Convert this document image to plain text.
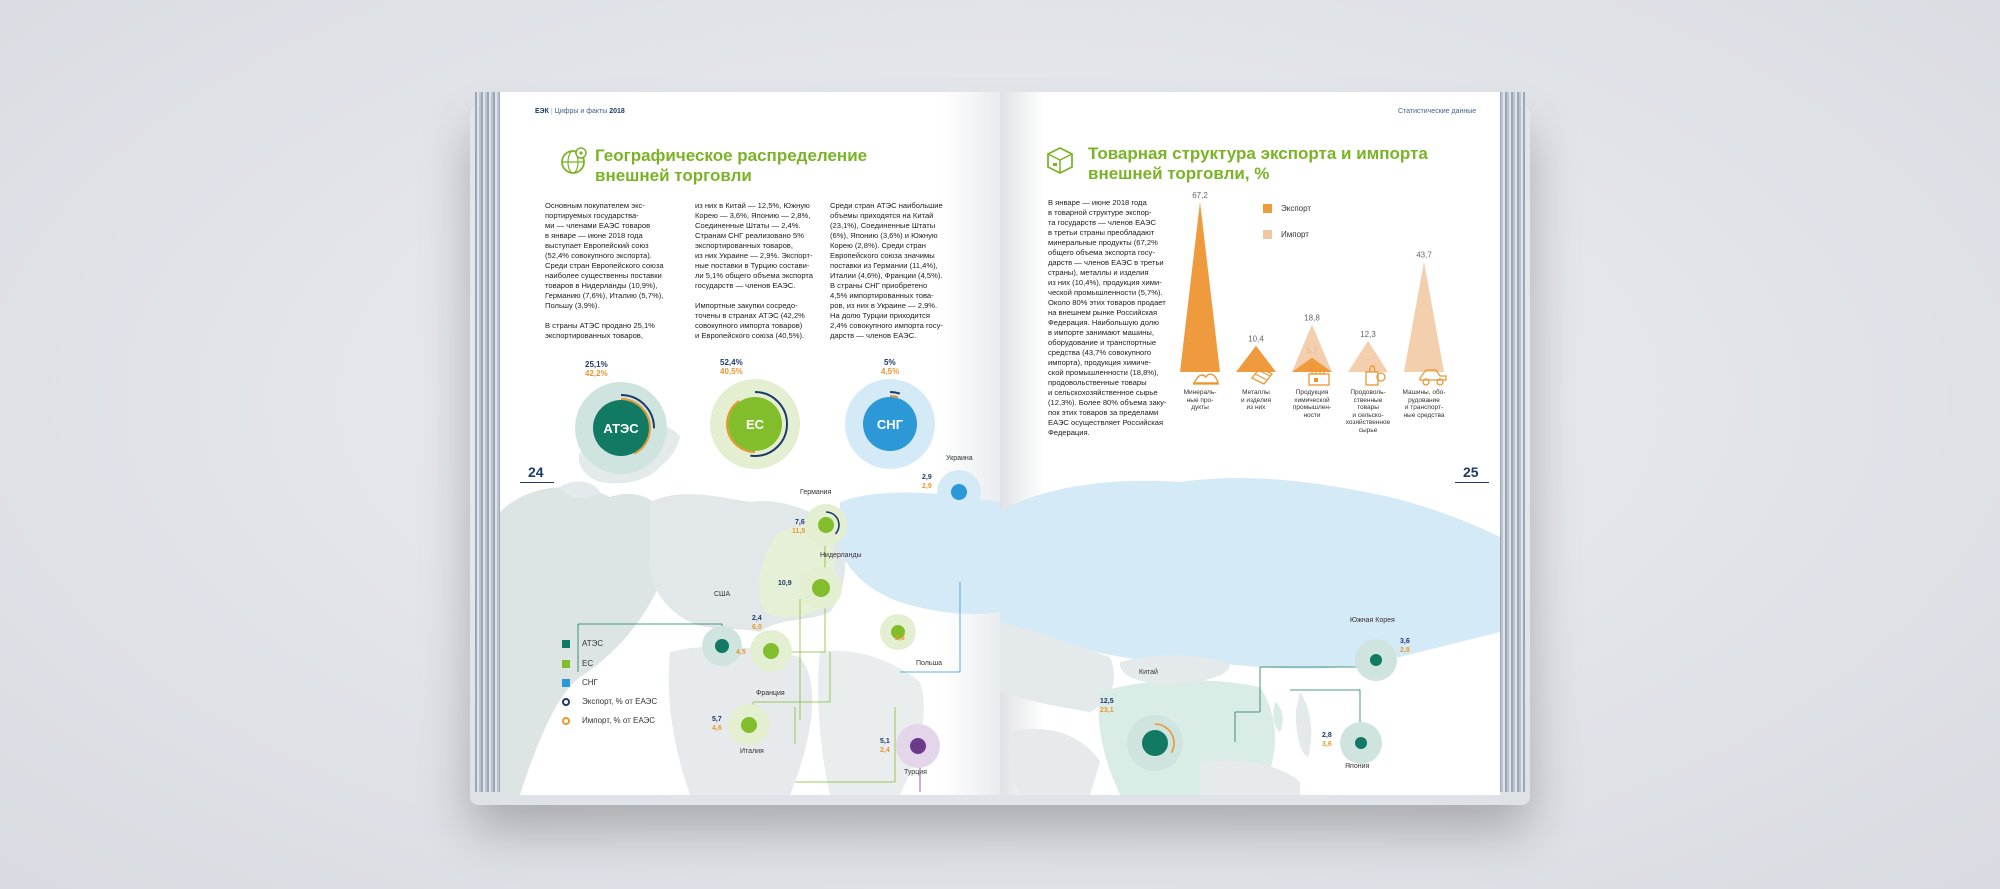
ЕЭК | Цифры и факты 2018
Географическое распределение
внешней торговли
Основным покупателем экс-
портируемых государства-
ми — членами ЕАЭС товаров
в январе — июне 2018 года
выступает Европейский союз
(52,4% совокупного экспорта).
Среди стран Европейского союза
наиболее существенны поставки
товаров в Нидерланды (10,9%),
Германию (7,6%), Италию (5,7%),
Польшу (3,9%).

В страны АТЭС продано 25,1%
экспортированных товаров,
из них в Китай — 12,5%, Южную
Корею — 3,6%, Японию — 2,8%,
Соединенные Штаты — 2,4%.
Странам СНГ реализовано 5%
экспортированных товаров,
из них Украине — 2,9%. Экспорт-
ные поставки в Турцию состави-
ли 5,1% общего объема экспорта
государств — членов ЕАЭС.

Импортные закупки сосредо-
точены в странах АТЭС (42,2%
совокупного импорта товаров)
и Европейского союза (40,5%).
Среди стран АТЭС наибольшие
объемы приходятся на Китай
(23,1%), Соединенные Штаты
(6%), Японию (3,6%) и Южную
Корею (2,8%). Среди стран
Европейского союза значимы
поставки из Германии (11,4%),
Италии (4,6%), Франции (4,5%).
В страны СНГ приобретено
4,5% импортированных това-
ров, из них в Украине — 2,9%.
На долю Турции приходится
2,4% совокупного импорта госу-
дарств — членов ЕАЭС.
25,1%
42,2%
АТЭС
52,4%
40,5%
ЕС
5%
4,5%
СНГ
24
США
2,4
6,0
Германия
7,6
11,5
Нидерланды
10,9
Франция
4,5
Италия
5,7
4,6
Польша
2,6
Украина
2,9
2,9
Турция
5,1
2,4
АТЭС
ЕС
СНГ
Экспорт, % от ЕАЭС
Импорт, % от ЕАЭС
Статистические данные
Товарная структура экспорта и импорта
внешней торговли, %
В январе — июне 2018 года
в товарной структуре экспор-
та государств — членов ЕАЭС
в третьи страны преобладают
минеральные продукты (67,2%
общего объема экспорта госу-
дарств — членов ЕАЭС в третьи
страны), металлы и изделия
из них (10,4%), продукция хими-
ческой промышленности (5,7%).
Около 80% этих товаров продает
на внешнем рынке Российская
Федерация. Наибольшую долю
в импорте занимают машины,
оборудование и транспортные
средства (43,7% совокупного
импорта), продукция химиче-
ской промышленности (18,8%),
продовольственные товары
и сельскохозяйственное сырье
(12,3%). Более 80% объема заку-
пок этих товаров за пределами
ЕАЭС осуществляет Российская
Федерация.
67,2
10,4
18,8
12,3
43,7
Экспорт
Импорт
Минераль-
ные про-
дукты
Металлы
и изделия
из них
Продукция
химической
промышлен-
ности
Продоволь-
ственные
товары
и сельско-
хозяйственное
сырье
Машины, обо-
рудование
и транспорт-
ные средства
25
Китай
12,5
23,1
Южная Корея
3,6
2,8
Япония
2,8
3,6
